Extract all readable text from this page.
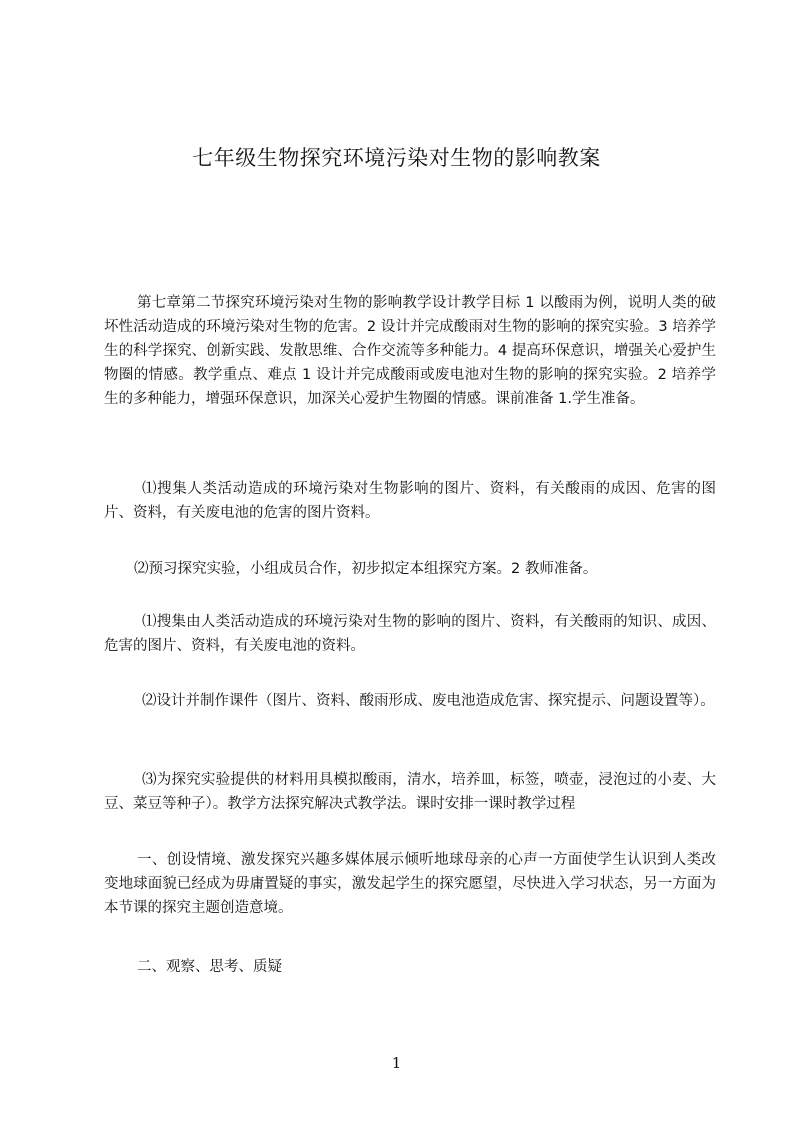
七年级生物探究环境污染对生物的影响教案

第七章第二节探究环境污染对生物的影响教学设计教学目标 1 以酸雨为例，说明人类的破坏性活动造成的环境污染对生物的危害。2 设计并完成酸雨对生物的影响的探究实验。3 培养学生的科学探究、创新实践、发散思维、合作交流等多种能力。4 提高环保意识，增强关心爱护生物圈的情感。教学重点、难点 1 设计并完成酸雨或废电池对生物的影响的探究实验。2 培养学生的多种能力，增强环保意识，加深关心爱护生物圈的情感。课前准备 1.学生准备。

⑴搜集人类活动造成的环境污染对生物影响的图片、资料，有关酸雨的成因、危害的图片、资料，有关废电池的危害的图片资料。

⑵预习探究实验，小组成员合作，初步拟定本组探究方案。2 教师准备。

⑴搜集由人类活动造成的环境污染对生物的影响的图片、资料，有关酸雨的知识、成因、危害的图片、资料，有关废电池的资料。

⑵设计并制作课件（图片、资料、酸雨形成、废电池造成危害、探究提示、问题设置等）。

⑶为探究实验提供的材料用具模拟酸雨，清水，培养皿，标签，喷壶，浸泡过的小麦、大豆、菜豆等种子）。教学方法探究解决式教学法。课时安排一课时教学过程

一、创设情境、激发探究兴趣多媒体展示倾听地球母亲的心声一方面使学生认识到人类改变地球面貌已经成为毋庸置疑的事实，激发起学生的探究愿望，尽快进入学习状态，另一方面为本节课的探究主题创造意境。

二、观察、思考、质疑

1
